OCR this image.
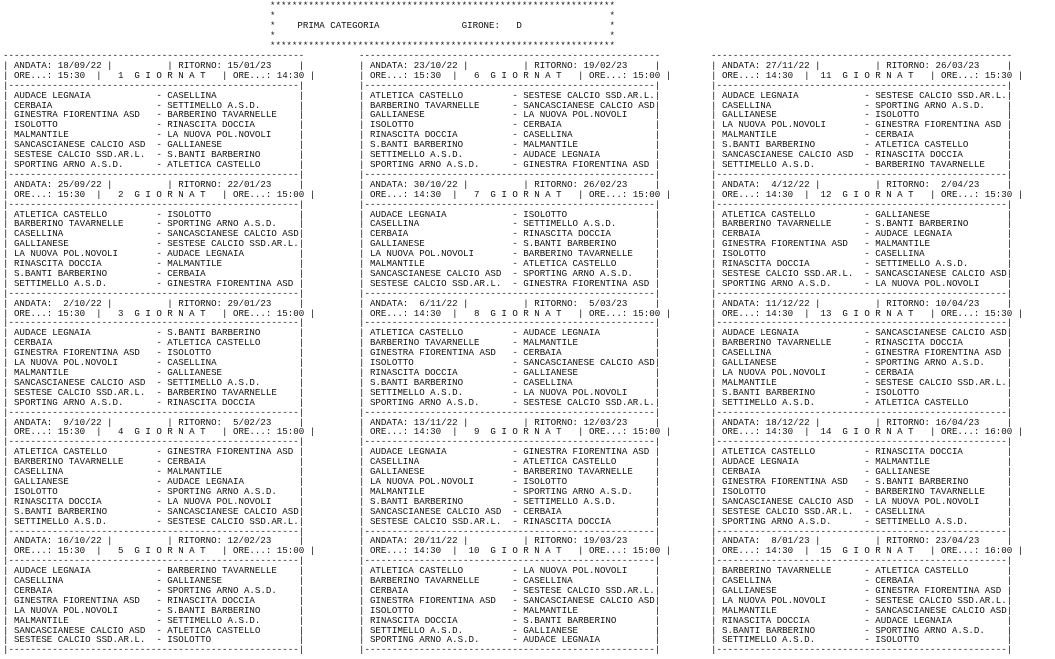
***************************************************************
*                                                             *
*    PRIMA CATEGORIA               GIRONE:   D                *
*                                                             *
***************************************************************
-------------------------------------------------------
| ANDATA: 18/09/22 |          | RITORNO: 15/01/23     |
| ORE...: 15:30  |   1  G I O R N A T   | ORE...: 14:30 |
|-----------------------------------------------------|
| AUDACE LEGNAIA            - CASELLINA               |
| CERBAIA                   - SETTIMELLO A.S.D.       |
| GINESTRA FIORENTINA ASD   - BARBERINO TAVARNELLE    |
| ISOLOTTO                  - RINASCITA DOCCIA        |
| MALMANTILE                - LA NUOVA POL.NOVOLI     |
| SANCASCIANESE CALCIO ASD  - GALLIANESE              |
| SESTESE CALCIO SSD.AR.L.  - S.BANTI BARBERINO       |
| SPORTING ARNO A.S.D.      - ATLETICA CASTELLO       |
|-----------------------------------------------------|
| ANDATA: 25/09/22 |          | RITORNO: 22/01/23     |
| ORE...: 15:30  |   2  G I O R N A T   | ORE...: 15:00 |
|-----------------------------------------------------|
| ATLETICA CASTELLO         - ISOLOTTO                |
| BARBERINO TAVARNELLE      - SPORTING ARNO A.S.D.    |
| CASELLINA                 - SANCASCIANESE CALCIO ASD|
| GALLIANESE                - SESTESE CALCIO SSD.AR.L.|
| LA NUOVA POL.NOVOLI       - AUDACE LEGNAIA          |
| RINASCITA DOCCIA          - MALMANTILE              |
| S.BANTI BARBERINO         - CERBAIA                 |
| SETTIMELLO A.S.D.         - GINESTRA FIORENTINA ASD |
|-----------------------------------------------------|
| ANDATA:  2/10/22 |          | RITORNO: 29/01/23     |
| ORE...: 15:30  |   3  G I O R N A T   | ORE...: 15:00 |
|-----------------------------------------------------|
| AUDACE LEGNAIA            - S.BANTI BARBERINO       |
| CERBAIA                   - ATLETICA CASTELLO       |
| GINESTRA FIORENTINA ASD   - ISOLOTTO                |
| LA NUOVA POL.NOVOLI       - CASELLINA               |
| MALMANTILE                - GALLIANESE              |
| SANCASCIANESE CALCIO ASD  - SETTIMELLO A.S.D.       |
| SESTESE CALCIO SSD.AR.L.  - BARBERINO TAVARNELLE    |
| SPORTING ARNO A.S.D.      - RINASCITA DOCCIA        |
|-----------------------------------------------------|
| ANDATA:  9/10/22 |          | RITORNO:  5/02/23     |
| ORE...: 15:30  |   4  G I O R N A T   | ORE...: 15:00 |
|-----------------------------------------------------|
| ATLETICA CASTELLO         - GINESTRA FIORENTINA ASD |
| BARBERINO TAVARNELLE      - CERBAIA                 |
| CASELLINA                 - MALMANTILE              |
| GALLIANESE                - AUDACE LEGNAIA          |
| ISOLOTTO                  - SPORTING ARNO A.S.D.    |
| RINASCITA DOCCIA          - LA NUOVA POL.NOVOLI     |
| S.BANTI BARBERINO         - SANCASCIANESE CALCIO ASD|
| SETTIMELLO A.S.D.         - SESTESE CALCIO SSD.AR.L.|
|-----------------------------------------------------|
| ANDATA: 16/10/22 |          | RITORNO: 12/02/23     |
| ORE...: 15:30  |   5  G I O R N A T   | ORE...: 15:00 |
|-----------------------------------------------------|
| AUDACE LEGNAIA            - BARBERINO TAVARNELLE    |
| CASELLINA                 - GALLIANESE              |
| CERBAIA                   - SPORTING ARNO A.S.D.    |
| GINESTRA FIORENTINA ASD   - RINASCITA DOCCIA        |
| LA NUOVA POL.NOVOLI       - S.BANTI BARBERINO       |
| MALMANTILE                - SETTIMELLO A.S.D.       |
| SANCASCIANESE CALCIO ASD  - ATLETICA CASTELLO       |
| SESTESE CALCIO SSD.AR.L.  - ISOLOTTO                |
|-----------------------------------------------------|
-------------------------------------------------------
| ANDATA: 23/10/22 |          | RITORNO: 19/02/23     |
| ORE...: 15:30  |   6  G I O R N A T   | ORE...: 15:00 |
|-----------------------------------------------------|
| ATLETICA CASTELLO         - SESTESE CALCIO SSD.AR.L.|
| BARBERINO TAVARNELLE      - SANCASCIANESE CALCIO ASD|
| GALLIANESE                - LA NUOVA POL.NOVOLI     |
| ISOLOTTO                  - CERBAIA                 |
| RINASCITA DOCCIA          - CASELLINA               |
| S.BANTI BARBERINO         - MALMANTILE              |
| SETTIMELLO A.S.D.         - AUDACE LEGNAIA          |
| SPORTING ARNO A.S.D.      - GINESTRA FIORENTINA ASD |
|-----------------------------------------------------|
| ANDATA: 30/10/22 |          | RITORNO: 26/02/23     |
| ORE...: 14:30  |   7  G I O R N A T   | ORE...: 15:00 |
|-----------------------------------------------------|
| AUDACE LEGNAIA            - ISOLOTTO                |
| CASELLINA                 - SETTIMELLO A.S.D.       |
| CERBAIA                   - RINASCITA DOCCIA        |
| GALLIANESE                - S.BANTI BARBERINO       |
| LA NUOVA POL.NOVOLI       - BARBERINO TAVARNELLE    |
| MALMANTILE                - ATLETICA CASTELLO       |
| SANCASCIANESE CALCIO ASD  - SPORTING ARNO A.S.D.    |
| SESTESE CALCIO SSD.AR.L.  - GINESTRA FIORENTINA ASD |
|-----------------------------------------------------|
| ANDATA:  6/11/22 |          | RITORNO:  5/03/23     |
| ORE...: 14:30  |   8  G I O R N A T   | ORE...: 15:00 |
|-----------------------------------------------------|
| ATLETICA CASTELLO         - AUDACE LEGNAIA          |
| BARBERINO TAVARNELLE      - MALMANTILE              |
| GINESTRA FIORENTINA ASD   - CERBAIA                 |
| ISOLOTTO                  - SANCASCIANESE CALCIO ASD|
| RINASCITA DOCCIA          - GALLIANESE              |
| S.BANTI BARBERINO         - CASELLINA               |
| SETTIMELLO A.S.D.         - LA NUOVA POL.NOVOLI     |
| SPORTING ARNO A.S.D.      - SESTESE CALCIO SSD.AR.L.|
|-----------------------------------------------------|
| ANDATA: 13/11/22 |          | RITORNO: 12/03/23     |
| ORE...: 14:30  |   9  G I O R N A T   | ORE...: 15:00 |
|-----------------------------------------------------|
| AUDACE LEGNAIA            - GINESTRA FIORENTINA ASD |
| CASELLINA                 - ATLETICA CASTELLO       |
| GALLIANESE                - BARBERINO TAVARNELLE    |
| LA NUOVA POL.NOVOLI       - ISOLOTTO                |
| MALMANTILE                - SPORTING ARNO A.S.D.    |
| S.BANTI BARBERINO         - SETTIMELLO A.S.D.       |
| SANCASCIANESE CALCIO ASD  - CERBAIA                 |
| SESTESE CALCIO SSD.AR.L.  - RINASCITA DOCCIA        |
|-----------------------------------------------------|
| ANDATA: 20/11/22 |          | RITORNO: 19/03/23     |
| ORE...: 14:30  |  10  G I O R N A T   | ORE...: 15:00 |
|-----------------------------------------------------|
| ATLETICA CASTELLO         - LA NUOVA POL.NOVOLI     |
| BARBERINO TAVARNELLE      - CASELLINA               |
| CERBAIA                   - SESTESE CALCIO SSD.AR.L.|
| GINESTRA FIORENTINA ASD   - SANCASCIANESE CALCIO ASD|
| ISOLOTTO                  - MALMANTILE              |
| RINASCITA DOCCIA          - S.BANTI BARBERINO       |
| SETTIMELLO A.S.D.         - GALLIANESE              |
| SPORTING ARNO A.S.D.      - AUDACE LEGNAIA          |
|-----------------------------------------------------|
-------------------------------------------------------
| ANDATA: 27/11/22 |          | RITORNO: 26/03/23     |
| ORE...: 14:30  |  11  G I O R N A T   | ORE...: 15:30 |
|-----------------------------------------------------|
| AUDACE LEGNAIA            - SESTESE CALCIO SSD.AR.L.|
| CASELLINA                 - SPORTING ARNO A.S.D.    |
| GALLIANESE                - ISOLOTTO                |
| LA NUOVA POL.NOVOLI       - GINESTRA FIORENTINA ASD |
| MALMANTILE                - CERBAIA                 |
| S.BANTI BARBERINO         - ATLETICA CASTELLO       |
| SANCASCIANESE CALCIO ASD  - RINASCITA DOCCIA        |
| SETTIMELLO A.S.D.         - BARBERINO TAVARNELLE    |
|-----------------------------------------------------|
| ANDATA:  4/12/22 |          | RITORNO:  2/04/23     |
| ORE...: 14:30  |  12  G I O R N A T   | ORE...: 15:30 |
|-----------------------------------------------------|
| ATLETICA CASTELLO         - GALLIANESE              |
| BARBERINO TAVARNELLE      - S.BANTI BARBERINO       |
| CERBAIA                   - AUDACE LEGNAIA          |
| GINESTRA FIORENTINA ASD   - MALMANTILE              |
| ISOLOTTO                  - CASELLINA               |
| RINASCITA DOCCIA          - SETTIMELLO A.S.D.       |
| SESTESE CALCIO SSD.AR.L.  - SANCASCIANESE CALCIO ASD|
| SPORTING ARNO A.S.D.      - LA NUOVA POL.NOVOLI     |
|-----------------------------------------------------|
| ANDATA: 11/12/22 |          | RITORNO: 10/04/23     |
| ORE...: 14:30  |  13  G I O R N A T   | ORE...: 15:30 |
|-----------------------------------------------------|
| AUDACE LEGNAIA            - SANCASCIANESE CALCIO ASD|
| BARBERINO TAVARNELLE      - RINASCITA DOCCIA        |
| CASELLINA                 - GINESTRA FIORENTINA ASD |
| GALLIANESE                - SPORTING ARNO A.S.D.    |
| LA NUOVA POL.NOVOLI       - CERBAIA                 |
| MALMANTILE                - SESTESE CALCIO SSD.AR.L.|
| S.BANTI BARBERINO         - ISOLOTTO                |
| SETTIMELLO A.S.D.         - ATLETICA CASTELLO       |
|-----------------------------------------------------|
| ANDATA: 18/12/22 |          | RITORNO: 16/04/23     |
| ORE...: 14:30  |  14  G I O R N A T   | ORE...: 16:00 |
|-----------------------------------------------------|
| ATLETICA CASTELLO         - RINASCITA DOCCIA        |
| AUDACE LEGNAIA            - MALMANTILE              |
| CERBAIA                   - GALLIANESE              |
| GINESTRA FIORENTINA ASD   - S.BANTI BARBERINO       |
| ISOLOTTO                  - BARBERINO TAVARNELLE    |
| SANCASCIANESE CALCIO ASD  - LA NUOVA POL.NOVOLI     |
| SESTESE CALCIO SSD.AR.L.  - CASELLINA               |
| SPORTING ARNO A.S.D.      - SETTIMELLO A.S.D.       |
|-----------------------------------------------------|
| ANDATA:  8/01/23 |          | RITORNO: 23/04/23     |
| ORE...: 14:30  |  15  G I O R N A T   | ORE...: 16:00 |
|-----------------------------------------------------|
| BARBERINO TAVARNELLE      - ATLETICA CASTELLO       |
| CASELLINA                 - CERBAIA                 |
| GALLIANESE                - GINESTRA FIORENTINA ASD |
| LA NUOVA POL.NOVOLI       - SESTESE CALCIO SSD.AR.L.|
| MALMANTILE                - SANCASCIANESE CALCIO ASD|
| RINASCITA DOCCIA          - AUDACE LEGNAIA          |
| S.BANTI BARBERINO         - SPORTING ARNO A.S.D.    |
| SETTIMELLO A.S.D.         - ISOLOTTO                |
|-----------------------------------------------------|
